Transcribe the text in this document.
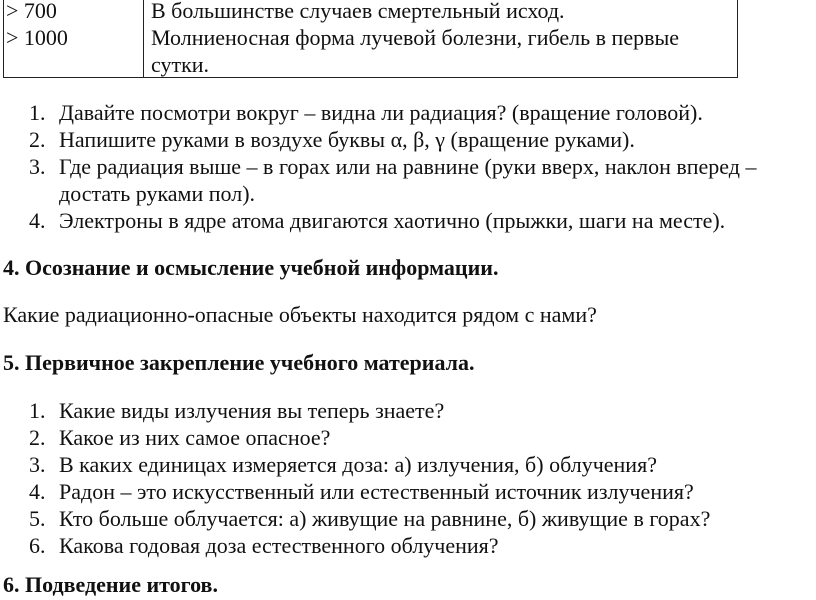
> 700
> 1000
В большинстве случаев смертельный исход.
Молниеносная форма лучевой болезни, гибель в первые сутки.
1. Давайте посмотри вокруг – видна ли радиация? (вращение головой).
2. Напишите руками в воздухе буквы α, β, γ (вращение руками).
3. Где радиация выше – в горах или на равнине (руки вверх, наклон вперед – достать руками пол).
4. Электроны в ядре атома двигаются хаотично (прыжки, шаги на месте).

4. Осознание и осмысление учебной информации.

Какие радиационно-опасные объекты находится рядом с нами?

5. Первичное закрепление учебного материала.

1. Какие виды излучения вы теперь знаете?
2. Какое из них самое опасное?
3. В каких единицах измеряется доза: а) излучения, б) облучения?
4. Радон – это искусственный или естественный источник излучения?
5. Кто больше облучается: а) живущие на равнине, б) живущие в горах?
6. Какова годовая доза естественного облучения?

6. Подведение итогов.
